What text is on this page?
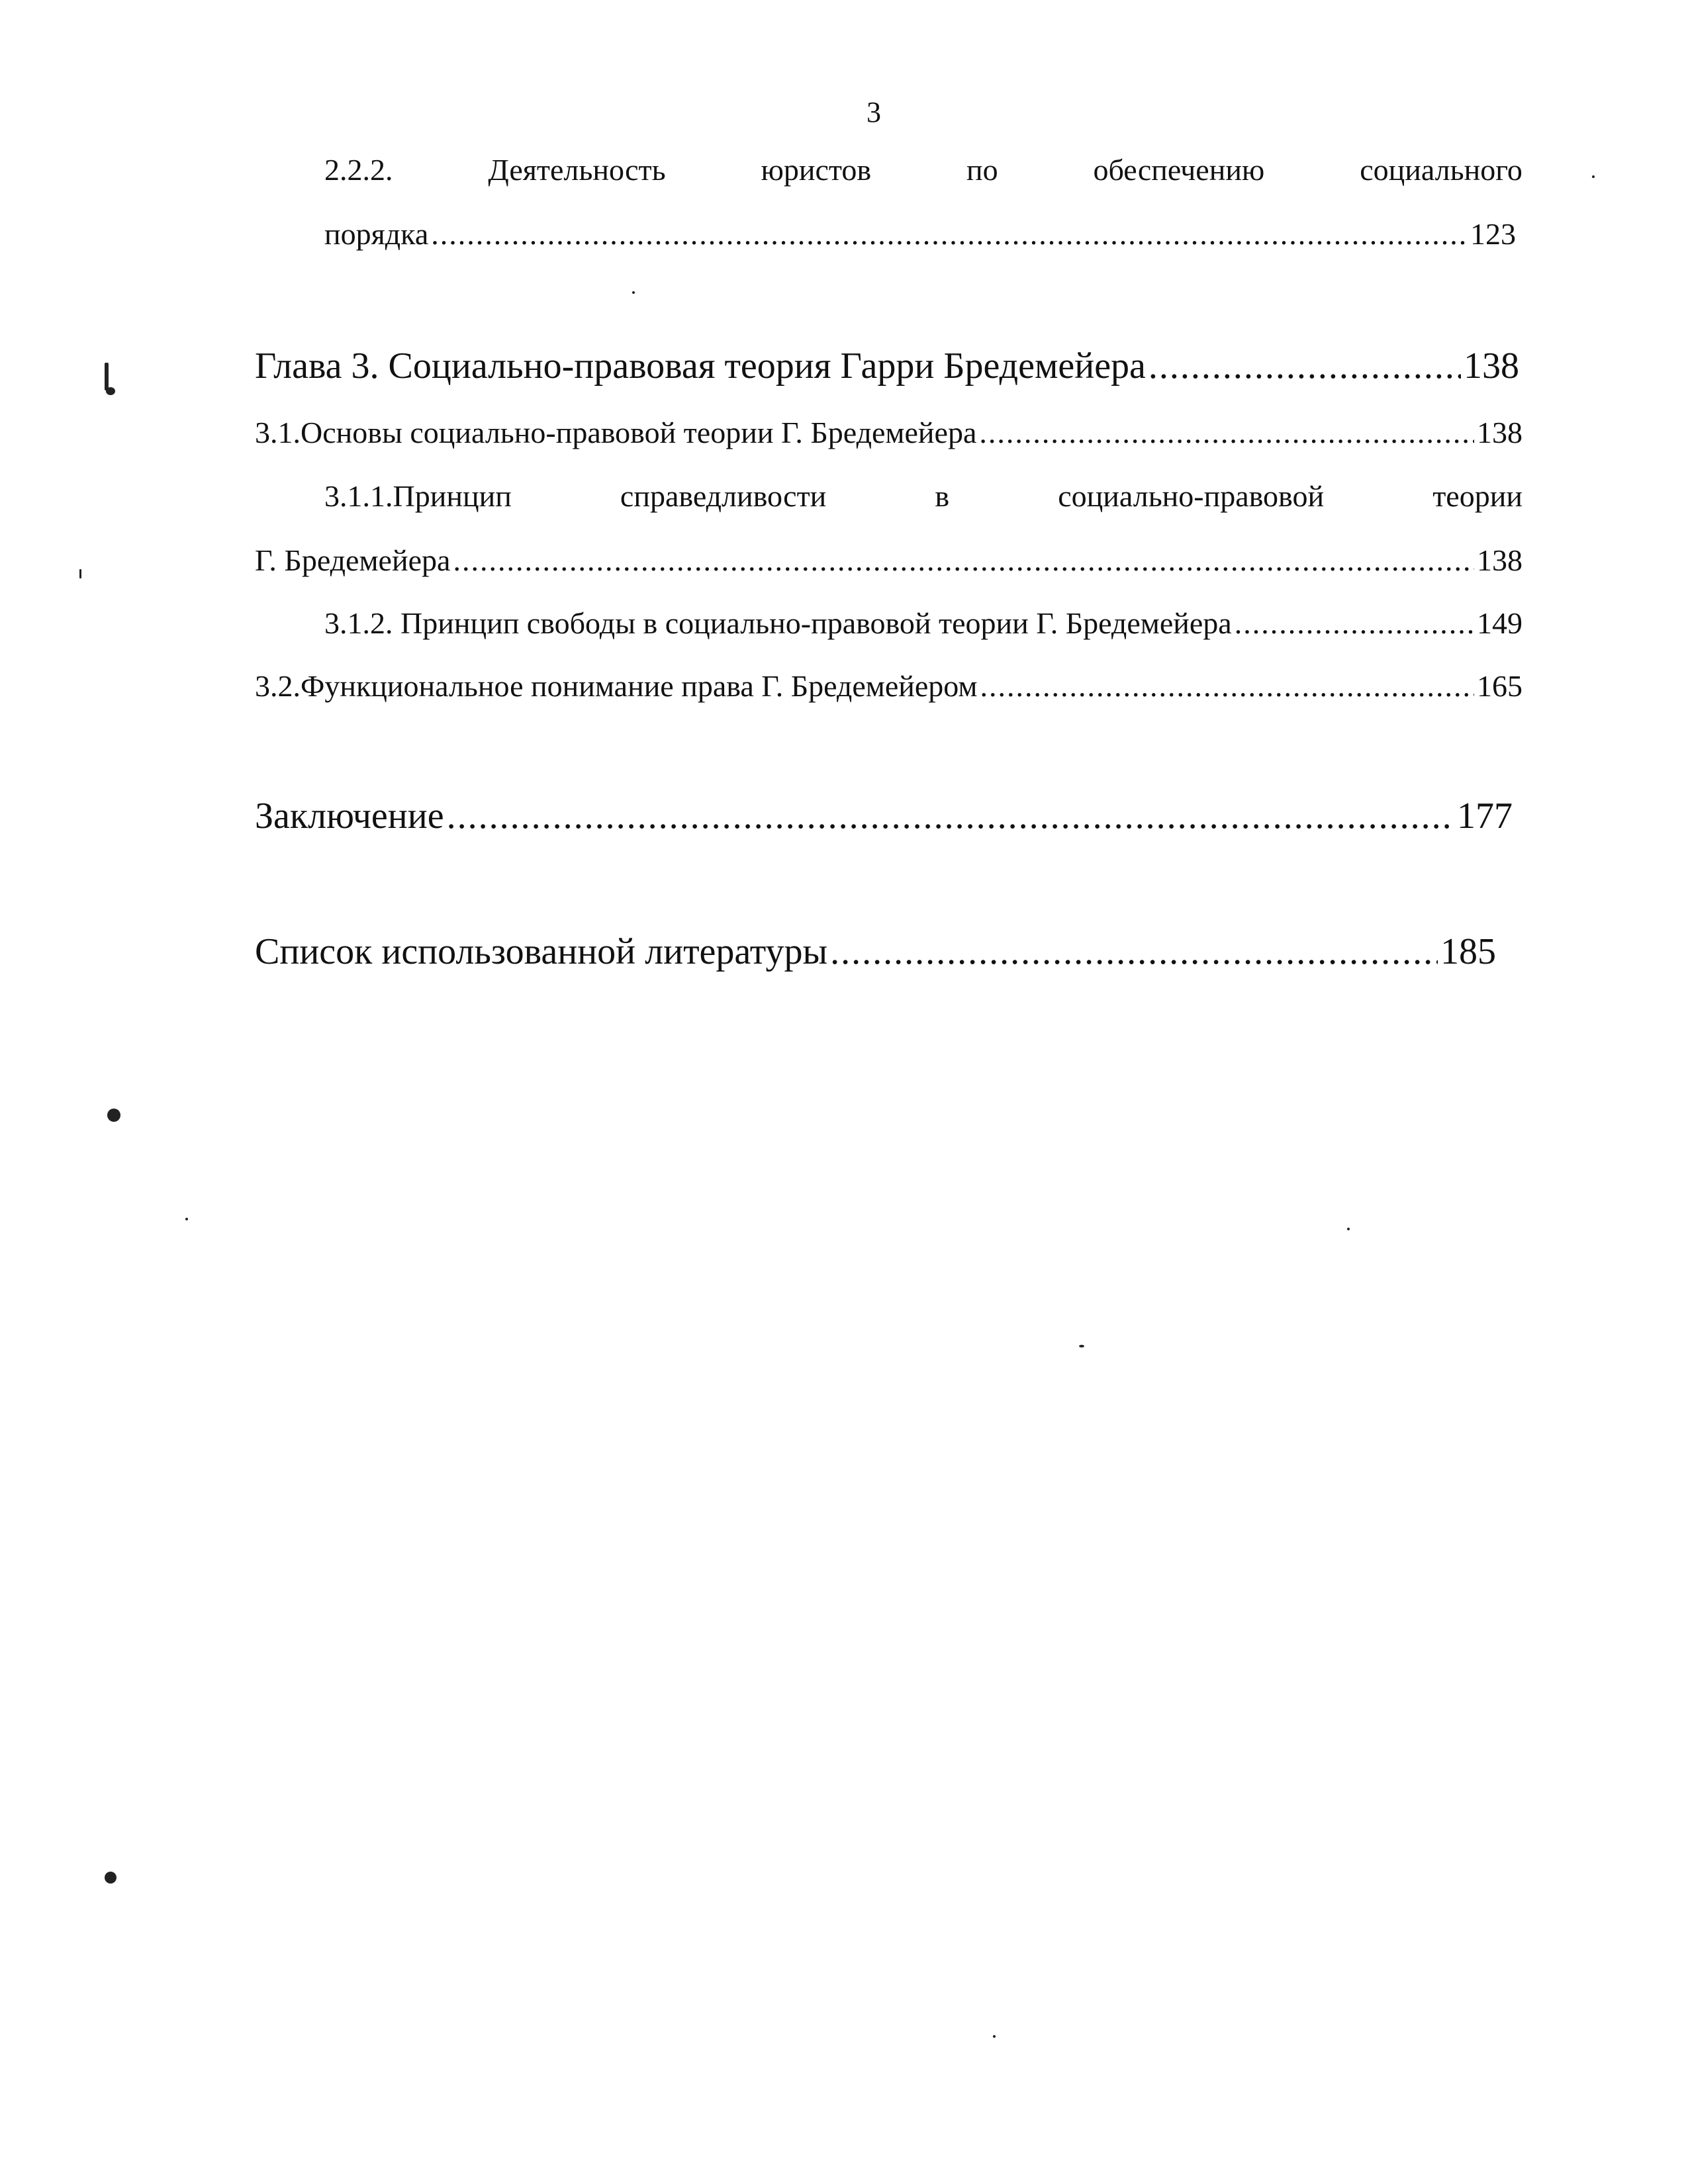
3
2.2.2.	Деятельность	юристов	по	обеспечению	социального
порядка .....	123
Глава 3. Социально-правовая теория Гарри Бредемейера .....	138
3.1.Основы социально-правовой теории Г. Бредемейера .....	138
3.1.1.Принцип	справедливости	в	социально-правовой	теории
Г. Бредемейера .....	138
3.1.2. Принцип свободы в социально-правовой теории Г. Бредемейера .....	149
3.2.Функциональное понимание права Г. Бредемейером .....	165
Заключение .....	177
Список использованной литературы .....	185
